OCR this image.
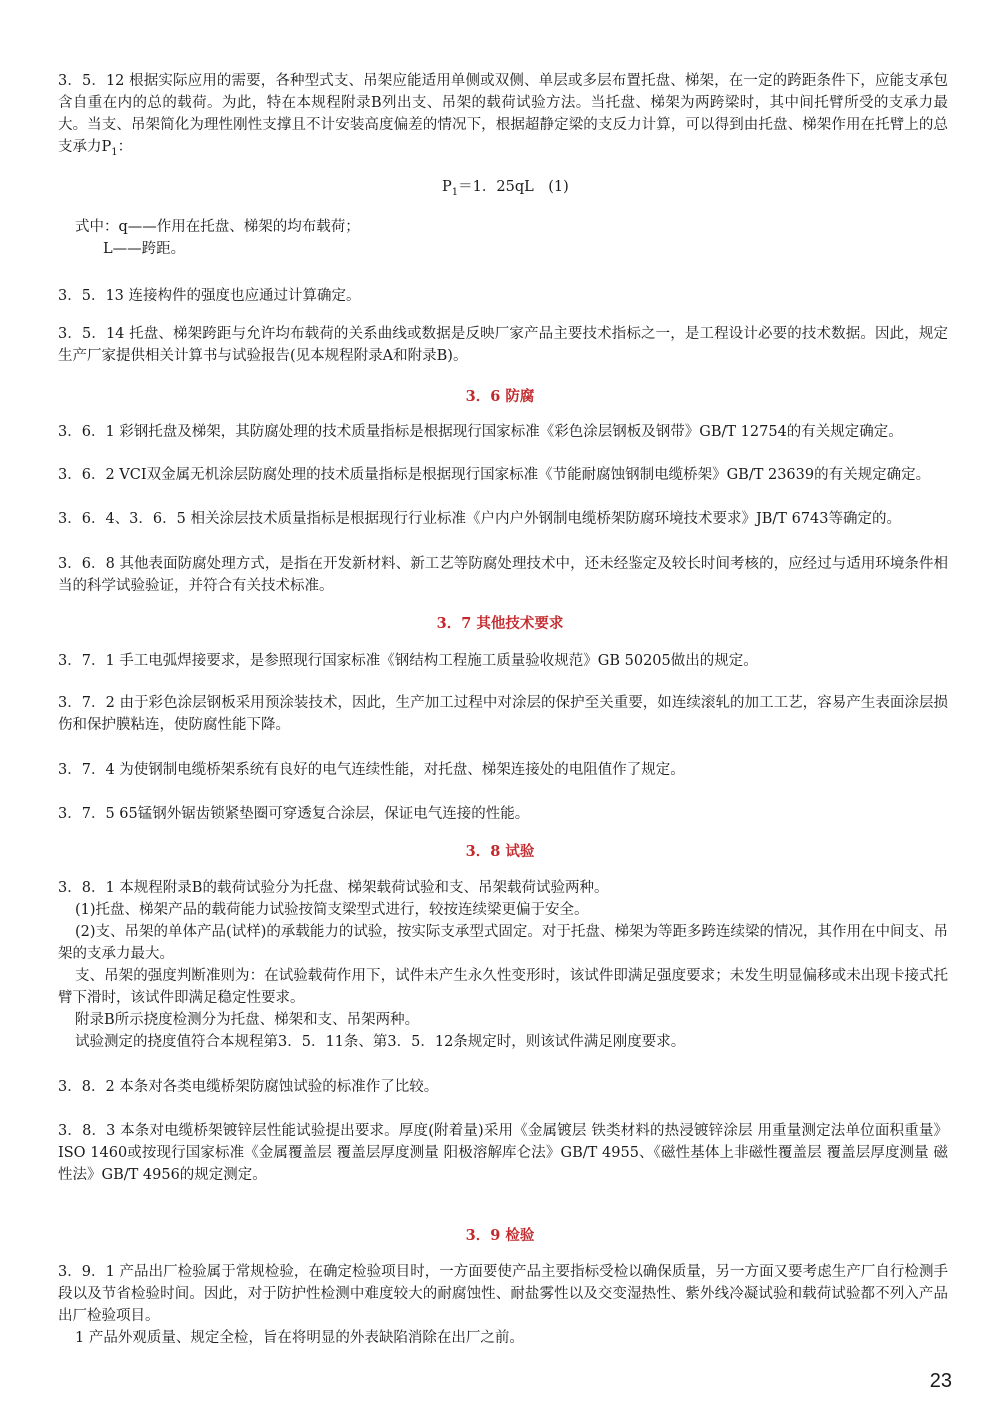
3．5．12 根据实际应用的需要，各种型式支、吊架应能适用单侧或双侧、单层或多层布置托盘、梯架，在一定的跨距条件下，应能支承包含自重在内的总的载荷。为此，特在本规程附录B列出支、吊架的载荷试验方法。当托盘、梯架为两跨梁时，其中间托臂所受的支承力最大。当支、吊架简化为理性刚性支撑且不计安装高度偏差的情况下，根据超静定梁的支反力计算，可以得到由托盘、梯架作用在托臂上的总支承力$P_1$：

$P_1=1$．25qL　(1)

式中：q——作用在托盘、梯架的均布载荷；

L——跨距。

3．5．13 连接构件的强度也应通过计算确定。

3．5．14 托盘、梯架跨距与允许均布载荷的关系曲线或数据是反映厂家产品主要技术指标之一，是工程设计必要的技术数据。因此，规定生产厂家提供相关计算书与试验报告(见本规程附录A和附录B)。

3．6 防腐

3．6．1 彩钢托盘及梯架，其防腐处理的技术质量指标是根据现行国家标准《彩色涂层钢板及钢带》GB/T 12754的有关规定确定。

3．6．2 VCI双金属无机涂层防腐处理的技术质量指标是根据现行国家标准《节能耐腐蚀钢制电缆桥架》GB/T 23639的有关规定确定。

3．6．4、3．6．5 相关涂层技术质量指标是根据现行行业标准《户内户外钢制电缆桥架防腐环境技术要求》JB/T 6743等确定的。

3．6．8 其他表面防腐处理方式，是指在开发新材料、新工艺等防腐处理技术中，还未经鉴定及较长时间考核的，应经过与适用环境条件相当的科学试验验证，并符合有关技术标准。

3．7 其他技术要求

3．7．1 手工电弧焊接要求，是参照现行国家标准《钢结构工程施工质量验收规范》GB 50205做出的规定。

3．7．2 由于彩色涂层钢板采用预涂装技术，因此，生产加工过程中对涂层的保护至关重要，如连续滚轧的加工工艺，容易产生表面涂层损伤和保护膜粘连，使防腐性能下降。

3．7．4 为使钢制电缆桥架系统有良好的电气连续性能，对托盘、梯架连接处的电阻值作了规定。

3．7．5 65锰钢外锯齿锁紧垫圈可穿透复合涂层，保证电气连接的性能。

3．8 试验

3．8．1 本规程附录B的载荷试验分为托盘、梯架载荷试验和支、吊架载荷试验两种。

(1)托盘、梯架产品的载荷能力试验按简支梁型式进行，较按连续梁更偏于安全。

(2)支、吊架的单体产品(试样)的承载能力的试验，按实际支承型式固定。对于托盘、梯架为等距多跨连续梁的情况，其作用在中间支、吊架的支承力最大。

支、吊架的强度判断准则为：在试验载荷作用下，试件未产生永久性变形时，该试件即满足强度要求；未发生明显偏移或未出现卡接式托臂下滑时，该试件即满足稳定性要求。

附录B所示挠度检测分为托盘、梯架和支、吊架两种。

试验测定的挠度值符合本规程第3．5．11条、第3．5．12条规定时，则该试件满足刚度要求。

3．8．2 本条对各类电缆桥架防腐蚀试验的标准作了比较。

3．8．3 本条对电缆桥架镀锌层性能试验提出要求。厚度(附着量)采用《金属镀层 铁类材料的热浸镀锌涂层 用重量测定法单位面积重量》ISO 1460或按现行国家标准《金属覆盖层 覆盖层厚度测量 阳极溶解库仑法》GB/T 4955、《磁性基体上非磁性覆盖层 覆盖层厚度测量 磁性法》GB/T 4956的规定测定。

3．9 检验

3．9．1 产品出厂检验属于常规检验，在确定检验项目时，一方面要使产品主要指标受检以确保质量，另一方面又要考虑生产厂自行检测手段以及节省检验时间。因此，对于防护性检测中难度较大的耐腐蚀性、耐盐雾性以及交变湿热性、紫外线冷凝试验和载荷试验都不列入产品出厂检验项目。

1 产品外观质量、规定全检，旨在将明显的外表缺陷消除在出厂之前。

23
